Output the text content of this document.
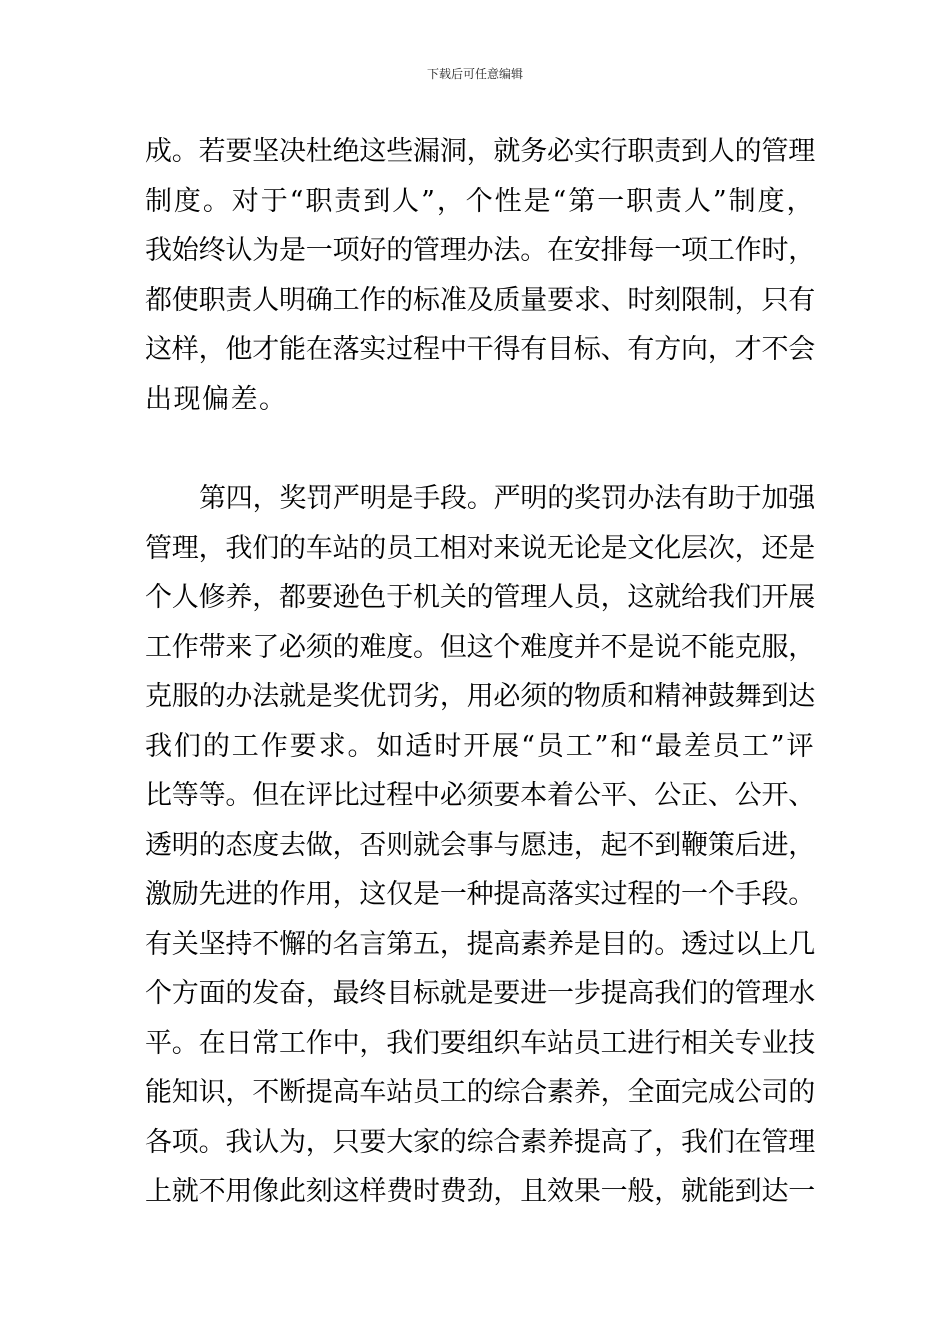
下载后可任意编辑
成。若要坚决杜绝这些漏洞，就务必实行职责到人的管理
制度。对于“职责到人”，个性是“第一职责人”制度，
我始终认为是一项好的管理办法。在安排每一项工作时，
都使职责人明确工作的标准及质量要求、时刻限制，只有
这样，他才能在落实过程中干得有目标、有方向，才不会
出现偏差。
第四，奖罚严明是手段。严明的奖罚办法有助于加强
管理，我们的车站的员工相对来说无论是文化层次，还是
个人修养，都要逊色于机关的管理人员，这就给我们开展
工作带来了必须的难度。但这个难度并不是说不能克服，
克服的办法就是奖优罚劣，用必须的物质和精神鼓舞到达
我们的工作要求。如适时开展“员工”和“最差员工”评
比等等。但在评比过程中必须要本着公平、公正、公开、
透明的态度去做，否则就会事与愿违，起不到鞭策后进，
激励先进的作用，这仅是一种提高落实过程的一个手段。
有关坚持不懈的名言第五，提高素养是目的。透过以上几
个方面的发奋，最终目标就是要进一步提高我们的管理水
平。在日常工作中，我们要组织车站员工进行相关专业技
能知识，不断提高车站员工的综合素养，全面完成公司的
各项。我认为，只要大家的综合素养提高了，我们在管理
上就不用像此刻这样费时费劲，且效果一般，就能到达一
